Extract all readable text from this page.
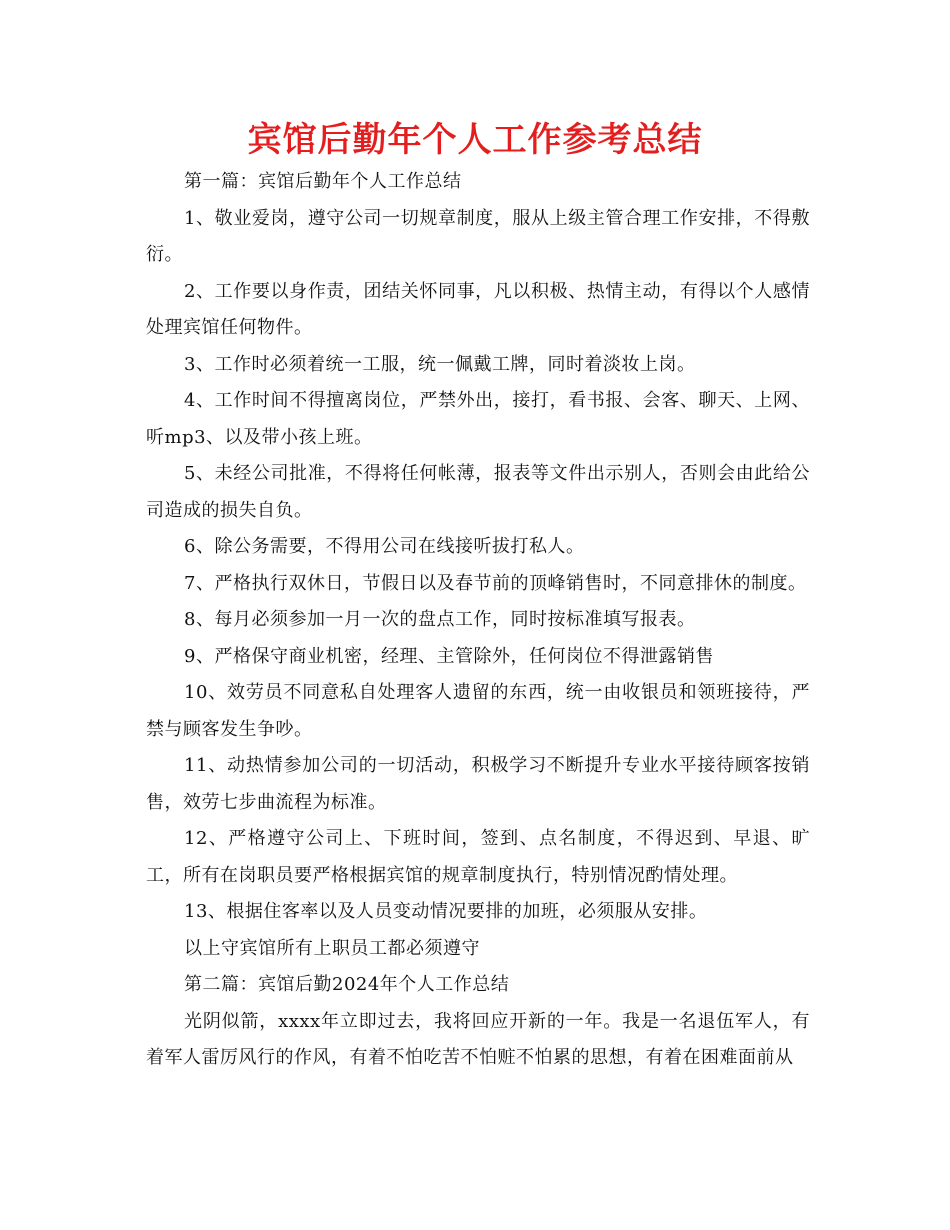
宾馆后勤年个人工作参考总结

第一篇：宾馆后勤年个人工作总结

1、敬业爱岗，遵守公司一切规章制度，服从上级主管合理工作安排，不得敷衍。

2、工作要以身作责，团结关怀同事，凡以积极、热情主动，有得以个人感情处理宾馆任何物件。

3、工作时必须着统一工服，统一佩戴工牌，同时着淡妆上岗。

4、工作时间不得擅离岗位，严禁外出，接打，看书报、会客、聊天、上网、听mp3、以及带小孩上班。

5、未经公司批准，不得将任何帐薄，报表等文件出示别人，否则会由此给公司造成的损失自负。

6、除公务需要，不得用公司在线接听拔打私人。

7、严格执行双休日，节假日以及春节前的顶峰销售时，不同意排休的制度。

8、每月必须参加一月一次的盘点工作，同时按标准填写报表。

9、严格保守商业机密，经理、主管除外，任何岗位不得泄露销售

10、效劳员不同意私自处理客人遗留的东西，统一由收银员和领班接待，严禁与顾客发生争吵。

11、动热情参加公司的一切活动，积极学习不断提升专业水平接待顾客按销售，效劳七步曲流程为标准。

12、严格遵守公司上、下班时间，签到、点名制度，不得迟到、早退、旷工，所有在岗职员要严格根据宾馆的规章制度执行，特别情况酌情处理。

13、根据住客率以及人员变动情况要排的加班，必须服从安排。

以上守宾馆所有上职员工都必须遵守

第二篇：宾馆后勤2024年个人工作总结

光阴似箭，xxxx年立即过去，我将回应开新的一年。我是一名退伍军人，有着军人雷厉风行的作风，有着不怕吃苦不怕赃不怕累的思想，有着在困难面前从
